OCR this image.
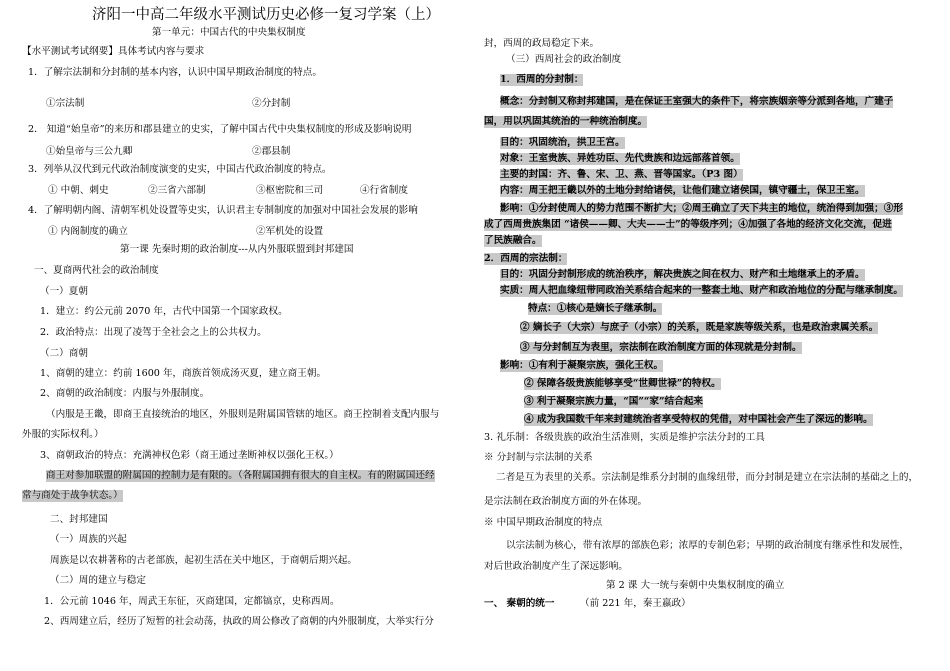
济阳一中高二年级水平测试历史必修一复习学案（上）
第一单元：中国古代的中央集权制度
【水平测试考试纲要】具体考试内容与要求
1．了解宗法制和分封制的基本内容，认识中国早期政治制度的特点。
①宗法制	②分封制
2． 知道“始皇帝”的来历和郡县建立的史实，了解中国古代中央集权制度的形成及影响说明
①始皇帝与三公九卿	②郡县制
3．列举从汉代到元代政治制度演变的史实，中国古代政治制度的特点。
① 中朝、刺史	②三省六部制	③枢密院和三司	④行省制度
4．了解明朝内阁、清朝军机处设置等史实，认识君主专制制度的加强对中国社会发展的影响
① 内阁制度的确立	②军机处的设置
第一课 先秦时期的政治制度---从内外服联盟到封邦建国
一、夏商两代社会的政治制度
（一）夏朝
1．建立：约公元前 2070 年，古代中国第一个国家政权。
2．政治特点：出现了凌驾于全社会之上的公共权力。
（二）商朝
1、商朝的建立：约前 1600 年，商族首领成汤灭夏，建立商王朝。
2、商朝的政治制度：内服与外服制度。
（内服是王畿，即商王直接统治的地区，外服则是附属国管辖的地区。商王控制着支配内服与
外服的实际权利。）
3、商朝政治的特点：充满神权色彩（商王通过垄断神权以强化王权。）
商王对参加联盟的附属国的控制力是有限的。（各附属国拥有很大的自主权。有的附属国还经
常与商处于战争状态。）
二、封邦建国
（一）周族的兴起
周族是以农耕著称的古老部族，起初生活在关中地区，于商朝后期兴起。
（二）周的建立与稳定
1．公元前 1046 年，周武王东征，灭商建国，定都镐京，史称西周。
2、西周建立后，经历了短暂的社会动荡，执政的周公修改了商朝的内外服制度，大举实行分
封，西周的政局稳定下来。
（三）西周社会的政治制度
1．西周的分封制：
概念：分封制又称封邦建国，是在保证王室强大的条件下，将宗族姻亲等分派到各地，广建子
国，用以巩固其统治的一种统治制度。
目的：巩固统治，拱卫王宫。
对象：王室贵族、异姓功臣、先代贵族和边远部落首领。
主要的封国：齐、鲁、宋、卫、燕、晋等国家。（P3 图）
内容：周王把王畿以外的土地分封给诸侯，让他们建立诸侯国，镇守疆土，保卫王室。
影响：①分封使周人的势力范围不断扩大；②周王确立了天下共主的地位，统治得到加强；③形
成了西周贵族集团 “诸侯——卿、大夫——士”的等级序列；④加强了各地的经济文化交流，促进
了民族融合。
2．西周的宗法制：
目的：巩固分封制形成的统治秩序，解决贵族之间在权力、财产和土地继承上的矛盾。
实质：周人把血缘纽带同政治关系结合起来的一整套土地、财产和政治地位的分配与继承制度。
特点：①核心是嫡长子继承制。
② 嫡长子（大宗）与庶子（小宗）的关系，既是家族等级关系，也是政治隶属关系。
③ 与分封制互为表里，宗法制在政治制度方面的体现就是分封制。
影响：①有利于凝聚宗族，强化王权。
② 保障各级贵族能够享受“世卿世禄”的特权。
③ 利于凝聚宗族力量，“国”“家”结合起来
④ 成为我国数千年来封建统治者享受特权的凭借，对中国社会产生了深远的影响。
3. 礼乐制：各级贵族的政治生活准则，实质是维护宗法分封的工具
※ 分封制与宗法制的关系
二者是互为表里的关系。宗法制是维系分封制的血缘纽带，而分封制是建立在宗法制的基础之上的，
是宗法制在政治制度方面的外在体现。
※ 中国早期政治制度的特点
以宗法制为核心，带有浓厚的部族色彩；浓厚的专制色彩；早期的政治制度有继承性和发展性，
对后世政治制度产生了深远影响。
第 2 课 大一统与秦朝中央集权制度的确立
一、 秦朝的统一	（前 221 年，秦王嬴政）
